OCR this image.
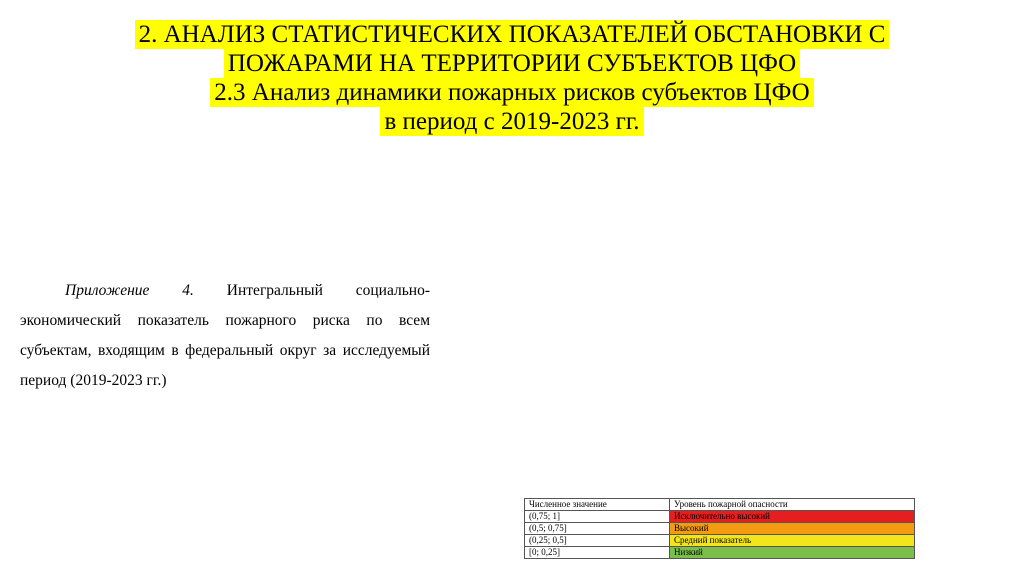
2. АНАЛИЗ СТАТИСТИЧЕСКИХ ПОКАЗАТЕЛЕЙ ОБСТАНОВКИ С
ПОЖАРАМИ НА ТЕРРИТОРИИ СУБЪЕКТОВ ЦФО
2.3 Анализ динамики пожарных рисков субъектов ЦФО
в период с 2019-2023 гг.
Приложение 4. Интегральный социально-экономический показатель пожарного риска по всем субъектам, входящим в федеральный округ за исследуемый период (2019-2023 гг.)
Численное значение	Уровень пожарной опасности
(0,75; 1]	Исключительно высокий
(0,5; 0,75]	Высокий
(0,25; 0,5]	Средний показатель
[0; 0,25]	Низкий
